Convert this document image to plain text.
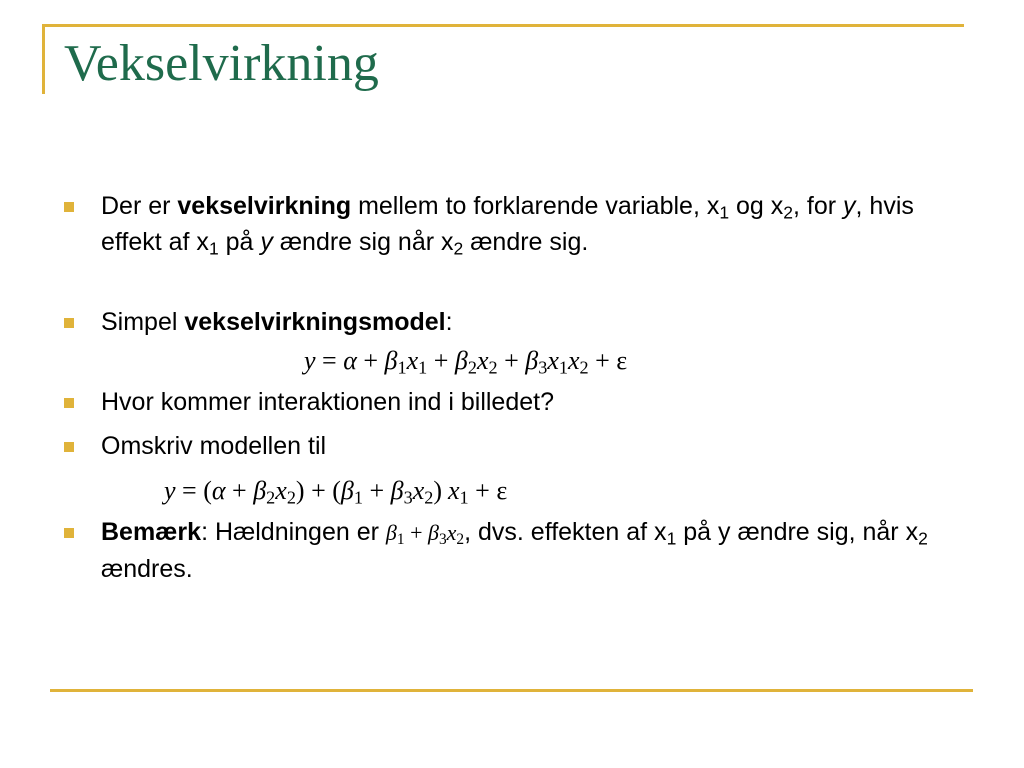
Vekselvirkning
Der er vekselvirkning mellem to forklarende variable, $x_1$ og $x_2$, for y, hvis effekt af $x_1$ på y ændre sig når $x_2$ ændre sig.
Simpel vekselvirkningsmodel:
$y = \alpha + \beta_1x_1 + \beta_2x_2 + \beta_3x_1x_2 + \varepsilon$
Hvor kommer interaktionen ind i billedet?
Omskriv modellen til
$y = (\alpha + \beta_2x_2) + (\beta_1 + \beta_3x_2)$ $x_1 + \varepsilon$
Bemærk: Hældningen er $\beta_1 + \beta_3x_2$, dvs. effekten af $x_1$ på y ændre sig, når $x_2$ ændres.
